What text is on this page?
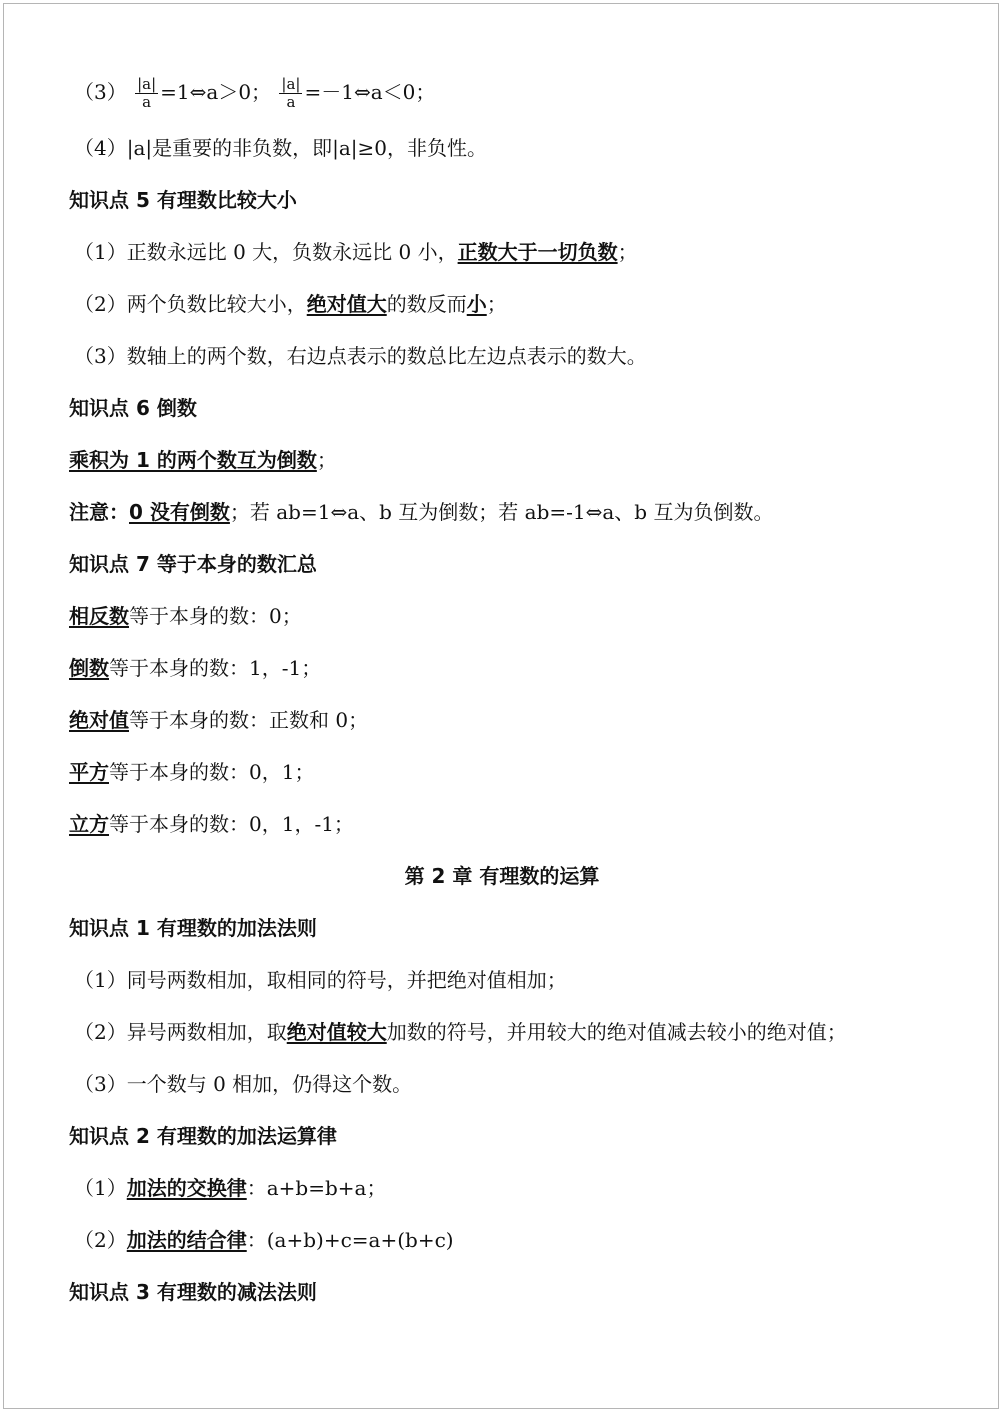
$(3) \frac{|a|}{a}$ =1⇔a＞0； $\frac{|a|}{a}$ =－1⇔a＜0；
（4）|a|是重要的非负数，即|a|≥0，非负性。
知识点 5 有理数比较大小
（1）正数永远比 0 大，负数永远比 0 小，正数大于一切负数；
（2）两个负数比较大小，绝对值大的数反而小；
（3）数轴上的两个数，右边点表示的数总比左边点表示的数大。
知识点 6 倒数
乘积为 1 的两个数互为倒数；
注意：0 没有倒数；若 ab=1⇔a、b 互为倒数；若 ab=-1⇔a、b 互为负倒数。
知识点 7 等于本身的数汇总
相反数等于本身的数：0；
倒数等于本身的数：1，-1；
绝对值等于本身的数：正数和 0；
平方等于本身的数：0，1；
立方等于本身的数：0，1，-1；
第 2 章 有理数的运算
知识点 1 有理数的加法法则
（1）同号两数相加，取相同的符号，并把绝对值相加；
（2）异号两数相加，取绝对值较大加数的符号，并用较大的绝对值减去较小的绝对值；
（3）一个数与 0 相加，仍得这个数。
知识点 2 有理数的加法运算律
（1）加法的交换律：a+b=b+a；
（2）加法的结合律：(a+b)+c=a+(b+c)
知识点 3 有理数的减法法则
